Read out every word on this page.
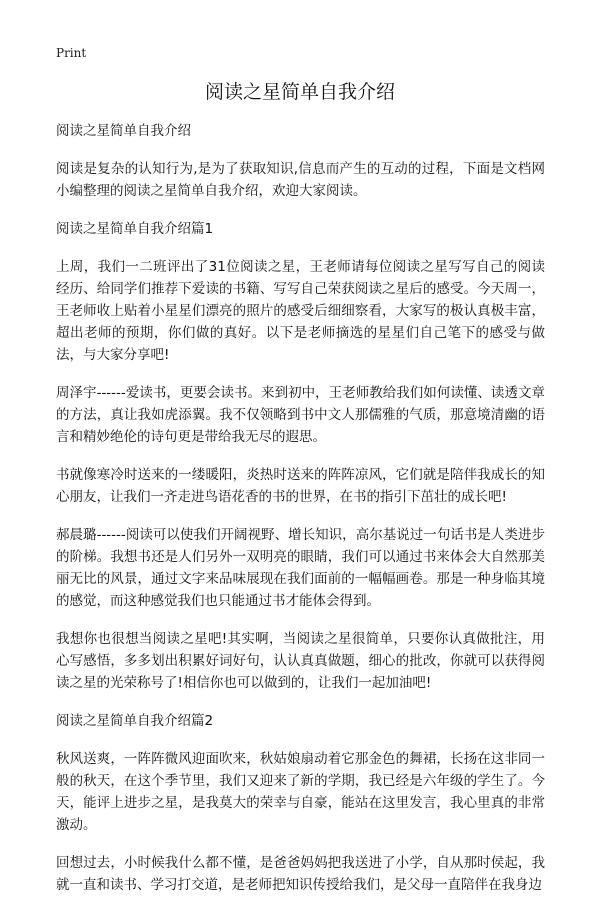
Print
阅读之星简单自我介绍

阅读之星简单自我介绍

阅读是复杂的认知行为,是为了获取知识,信息而产生的互动的过程，下面是文档网小编整理的阅读之星简单自我介绍，欢迎大家阅读。

阅读之星简单自我介绍篇1

上周，我们一二班评出了31位阅读之星，王老师请每位阅读之星写写自己的阅读经历、给同学们推荐下爱读的书籍、写写自己荣获阅读之星后的感受。今天周一，王老师收上贴着小星星们漂亮的照片的感受后细细察看，大家写的极认真极丰富，超出老师的预期，你们做的真好。以下是老师摘选的星星们自己笔下的感受与做法，与大家分享吧!

周泽宇------爱读书，更要会读书。来到初中，王老师教给我们如何读懂、读透文章的方法，真让我如虎添翼。我不仅领略到书中文人那儒雅的气质，那意境清幽的语言和精妙绝伦的诗句更是带给我无尽的遐思。

书就像寒冷时送来的一缕暖阳，炎热时送来的阵阵凉风，它们就是陪伴我成长的知心朋友，让我们一齐走进鸟语花香的书的世界，在书的指引下茁壮的成长吧!

郝晨璐------阅读可以使我们开阔视野、增长知识，高尔基说过一句话书是人类进步的阶梯。我想书还是人们另外一双明亮的眼睛，我们可以通过书来体会大自然那美丽无比的风景，通过文字来品味展现在我们面前的一幅幅画卷。那是一种身临其境的感觉，而这种感觉我们也只能通过书才能体会得到。

我想你也很想当阅读之星吧!其实啊，当阅读之星很简单，只要你认真做批注，用心写感悟，多多划出积累好词好句，认认真真做题，细心的批改，你就可以获得阅读之星的光荣称号了!相信你也可以做到的，让我们一起加油吧!

阅读之星简单自我介绍篇2

秋风送爽，一阵阵微风迎面吹来，秋姑娘扇动着它那金色的舞裙，长扬在这非同一般的秋天，在这个季节里，我们又迎来了新的学期，我已经是六年级的学生了。今天，能评上进步之星，是我莫大的荣幸与自豪，能站在这里发言，我心里真的非常激动。

回想过去，小时候我什么都不懂，是爸爸妈妈把我送进了小学，自从那时侯起，我就一直和读书、学习打交道，是老师把知识传授给我们，是父母一直陪伴在我身边
